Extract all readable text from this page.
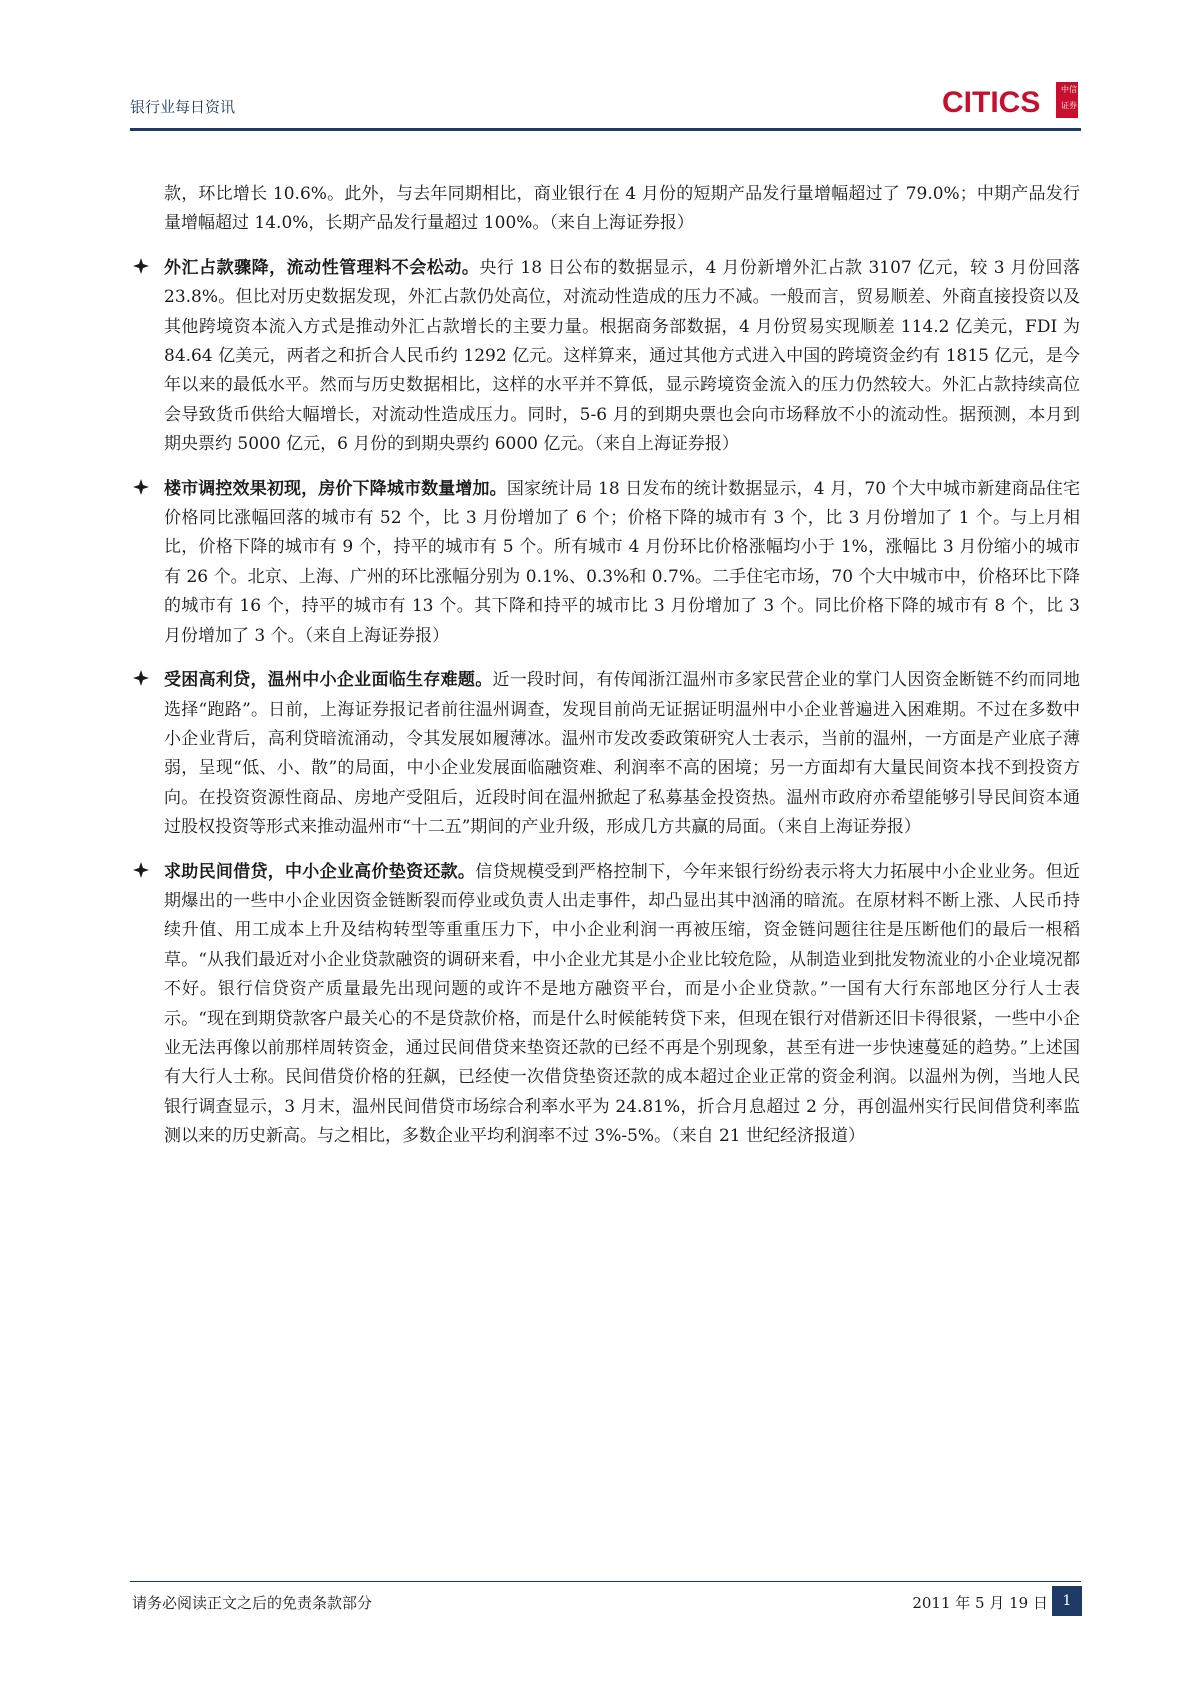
银行业每日资讯	CITICS	中 信
证 券

款，环比增长 10.6%。此外，与去年同期相比，商业银行在 4 月份的短期产品发行量增幅超过了 79.0%；中期产品发行量增幅超过 14.0%，长期产品发行量超过 100%。（来自上海证券报）

外汇占款骤降，流动性管理料不会松动。央行 18 日公布的数据显示，4 月份新增外汇占款 3107 亿元，较 3 月份回落 23.8%。但比对历史数据发现，外汇占款仍处高位，对流动性造成的压力不减。一般而言，贸易顺差、外商直接投资以及其他跨境资本流入方式是推动外汇占款增长的主要力量。根据商务部数据，4 月份贸易实现顺差 114.2 亿美元，FDI 为 84.64 亿美元，两者之和折合人民币约 1292 亿元。这样算来，通过其他方式进入中国的跨境资金约有 1815 亿元，是今年以来的最低水平。然而与历史数据相比，这样的水平并不算低，显示跨境资金流入的压力仍然较大。外汇占款持续高位会导致货币供给大幅增长，对流动性造成压力。同时，5-6 月的到期央票也会向市场释放不小的流动性。据预测，本月到期央票约 5000 亿元，6 月份的到期央票约 6000 亿元。（来自上海证券报）

楼市调控效果初现，房价下降城市数量增加。国家统计局 18 日发布的统计数据显示，4 月，70 个大中城市新建商品住宅价格同比涨幅回落的城市有 52 个，比 3 月份增加了 6 个；价格下降的城市有 3 个，比 3 月份增加了 1 个。与上月相比，价格下降的城市有 9 个，持平的城市有 5 个。所有城市 4 月份环比价格涨幅均小于 1%，涨幅比 3 月份缩小的城市有 26 个。北京、上海、广州的环比涨幅分别为 0.1%、0.3%和 0.7%。二手住宅市场，70 个大中城市中，价格环比下降的城市有 16 个，持平的城市有 13 个。其下降和持平的城市比 3 月份增加了 3 个。同比价格下降的城市有 8 个，比 3 月份增加了 3 个。（来自上海证券报）

受困高利贷，温州中小企业面临生存难题。近一段时间，有传闻浙江温州市多家民营企业的掌门人因资金断链不约而同地选择“跑路”。日前，上海证券报记者前往温州调查，发现目前尚无证据证明温州中小企业普遍进入困难期。不过在多数中小企业背后，高利贷暗流涌动，令其发展如履薄冰。温州市发改委政策研究人士表示，当前的温州，一方面是产业底子薄弱，呈现“低、小、散”的局面，中小企业发展面临融资难、利润率不高的困境；另一方面却有大量民间资本找不到投资方向。在投资资源性商品、房地产受阻后，近段时间在温州掀起了私募基金投资热。温州市政府亦希望能够引导民间资本通过股权投资等形式来推动温州市“十二五”期间的产业升级，形成几方共赢的局面。（来自上海证券报）

求助民间借贷，中小企业高价垫资还款。信贷规模受到严格控制下，今年来银行纷纷表示将大力拓展中小企业业务。但近期爆出的一些中小企业因资金链断裂而停业或负责人出走事件，却凸显出其中汹涌的暗流。在原材料不断上涨、人民币持续升值、用工成本上升及结构转型等重重压力下，中小企业利润一再被压缩，资金链问题往往是压断他们的最后一根稻草。“从我们最近对小企业贷款融资的调研来看，中小企业尤其是小企业比较危险，从制造业到批发物流业的小企业境况都不好。银行信贷资产质量最先出现问题的或许不是地方融资平台，而是小企业贷款。”一国有大行东部地区分行人士表示。“现在到期贷款客户最关心的不是贷款价格，而是什么时候能转贷下来，但现在银行对借新还旧卡得很紧，一些中小企业无法再像以前那样周转资金，通过民间借贷来垫资还款的已经不再是个别现象，甚至有进一步快速蔓延的趋势。”上述国有大行人士称。民间借贷价格的狂飙，已经使一次借贷垫资还款的成本超过企业正常的资金利润。以温州为例，当地人民银行调查显示，3 月末，温州民间借贷市场综合利率水平为 24.81%，折合月息超过 2 分，再创温州实行民间借贷利率监测以来的历史新高。与之相比，多数企业平均利润率不过 3%-5%。（来自 21 世纪经济报道）

请务必阅读正文之后的免责条款部分	2011 年 5 月 19 日	1
